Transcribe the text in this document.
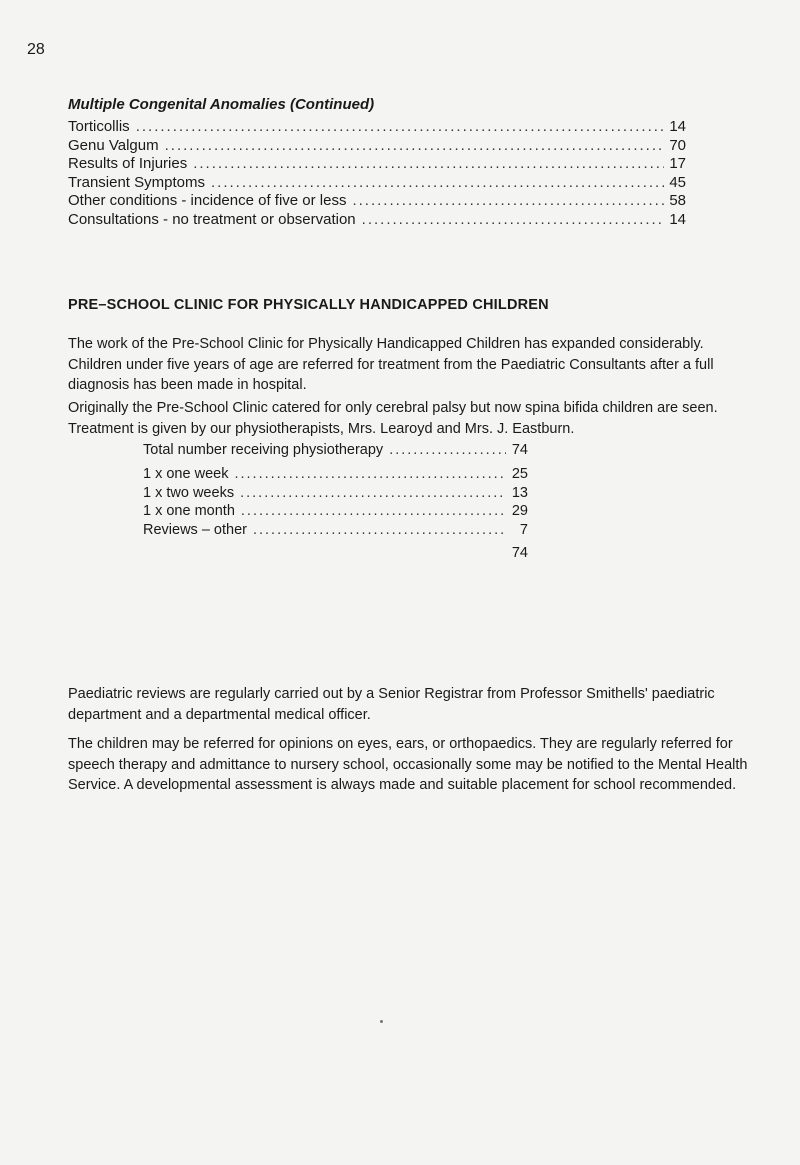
28
Multiple Congenital Anomalies (Continued)
Torticollis .....	14
Genu Valgum .....	70
Results of Injuries .....	17
Transient Symptoms .....	45
Other conditions - incidence of five or less .....	58
Consultations - no treatment or observation .....	14
PRE–SCHOOL CLINIC FOR PHYSICALLY HANDICAPPED CHILDREN

The work of the Pre-School Clinic for Physically Handicapped Children has expanded considerably. Children under five years of age are referred for treatment from the Paediatric Consultants after a full diagnosis has been made in hospital.

Originally the Pre-School Clinic catered for only cerebral palsy but now spina bifida children are seen. Treatment is given by our physiotherapists, Mrs. Learoyd and Mrs. J. Eastburn.

Total number receiving physiotherapy .....	74
1 x one week .....	25
1 x two weeks .....	13
1 x one month .....	29
Reviews – other .....	7
74

Paediatric reviews are regularly carried out by a Senior Registrar from Professor Smithells' paediatric department and a departmental medical officer.

The children may be referred for opinions on eyes, ears, or orthopaedics. They are regularly referred for speech therapy and admittance to nursery school, occasionally some may be notified to the Mental Health Service. A developmental assessment is always made and suitable placement for school recommended.
